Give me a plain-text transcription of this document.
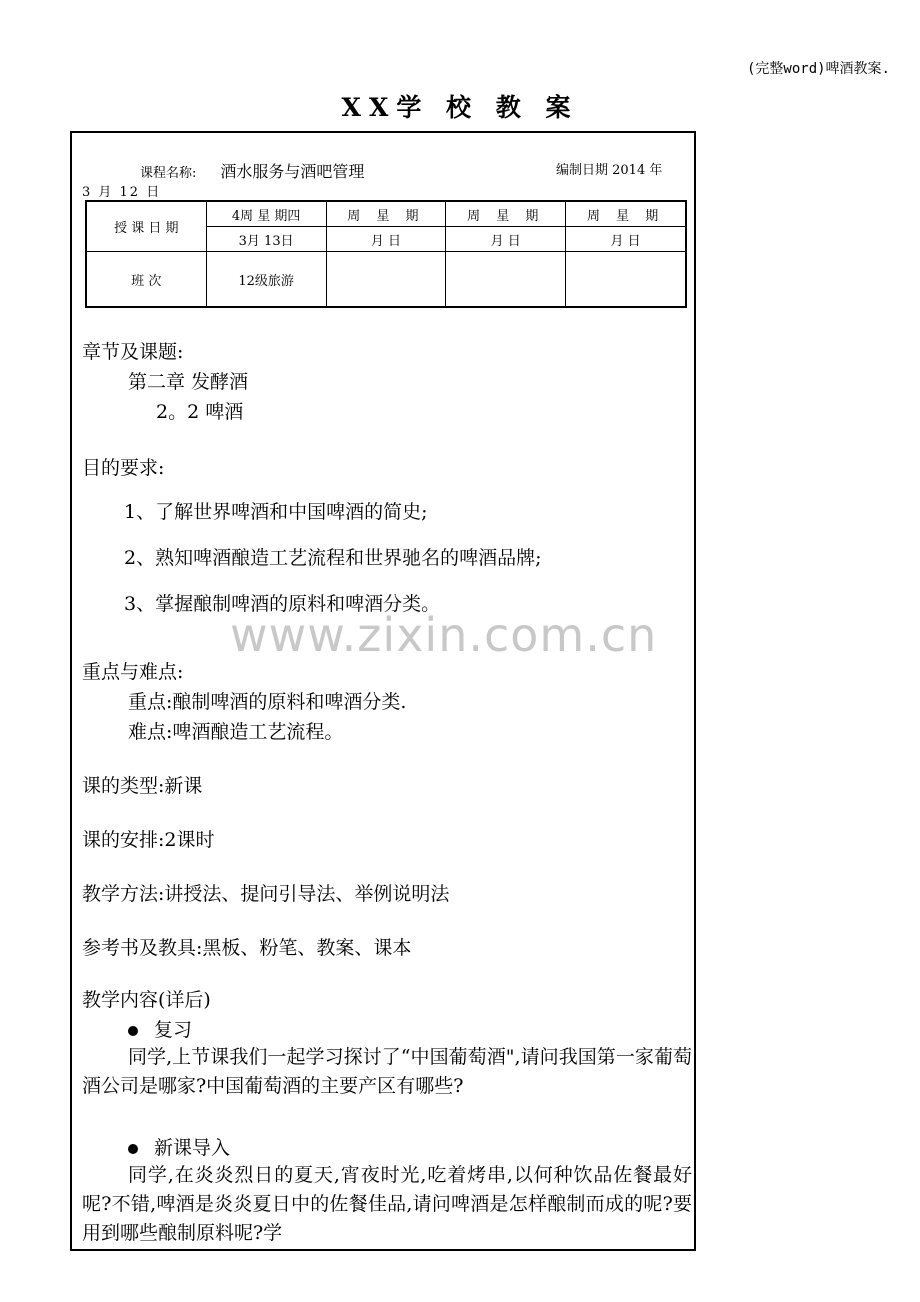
(完整word)啤酒教案.
XX学 校 教 案
课程名称: 酒水服务与酒吧管理	编制日期 2014 年
3 月 12 日
授 课 日 期	4周 星 期四	周 星 期	周 星 期	周 星 期
	3月 13日	月 日	月 日	月 日
班 次	12级旅游			
章节及课题:
第二章 发酵酒
2。2 啤酒
目的要求:
1、了解世界啤酒和中国啤酒的简史;
2、熟知啤酒酿造工艺流程和世界驰名的啤酒品牌;
3、掌握酿制啤酒的原料和啤酒分类。
重点与难点:
重点:酿制啤酒的原料和啤酒分类.
难点:啤酒酿造工艺流程。
课的类型:新课
课的安排:2课时
教学方法:讲授法、提问引导法、举例说明法
参考书及教具:黑板、粉笔、教案、课本
教学内容(详后)
复习
同学,上节课我们一起学习探讨了“中国葡萄酒",请问我国第一家葡萄酒公司是哪家?中国葡萄酒的主要产区有哪些?
新课导入
同学,在炎炎烈日的夏天,宵夜时光,吃着烤串,以何种饮品佐餐最好呢?不错,啤酒是炎炎夏日中的佐餐佳品,请问啤酒是怎样酿制而成的呢?要用到哪些酿制原料呢?学
www.zixin.com.cn
